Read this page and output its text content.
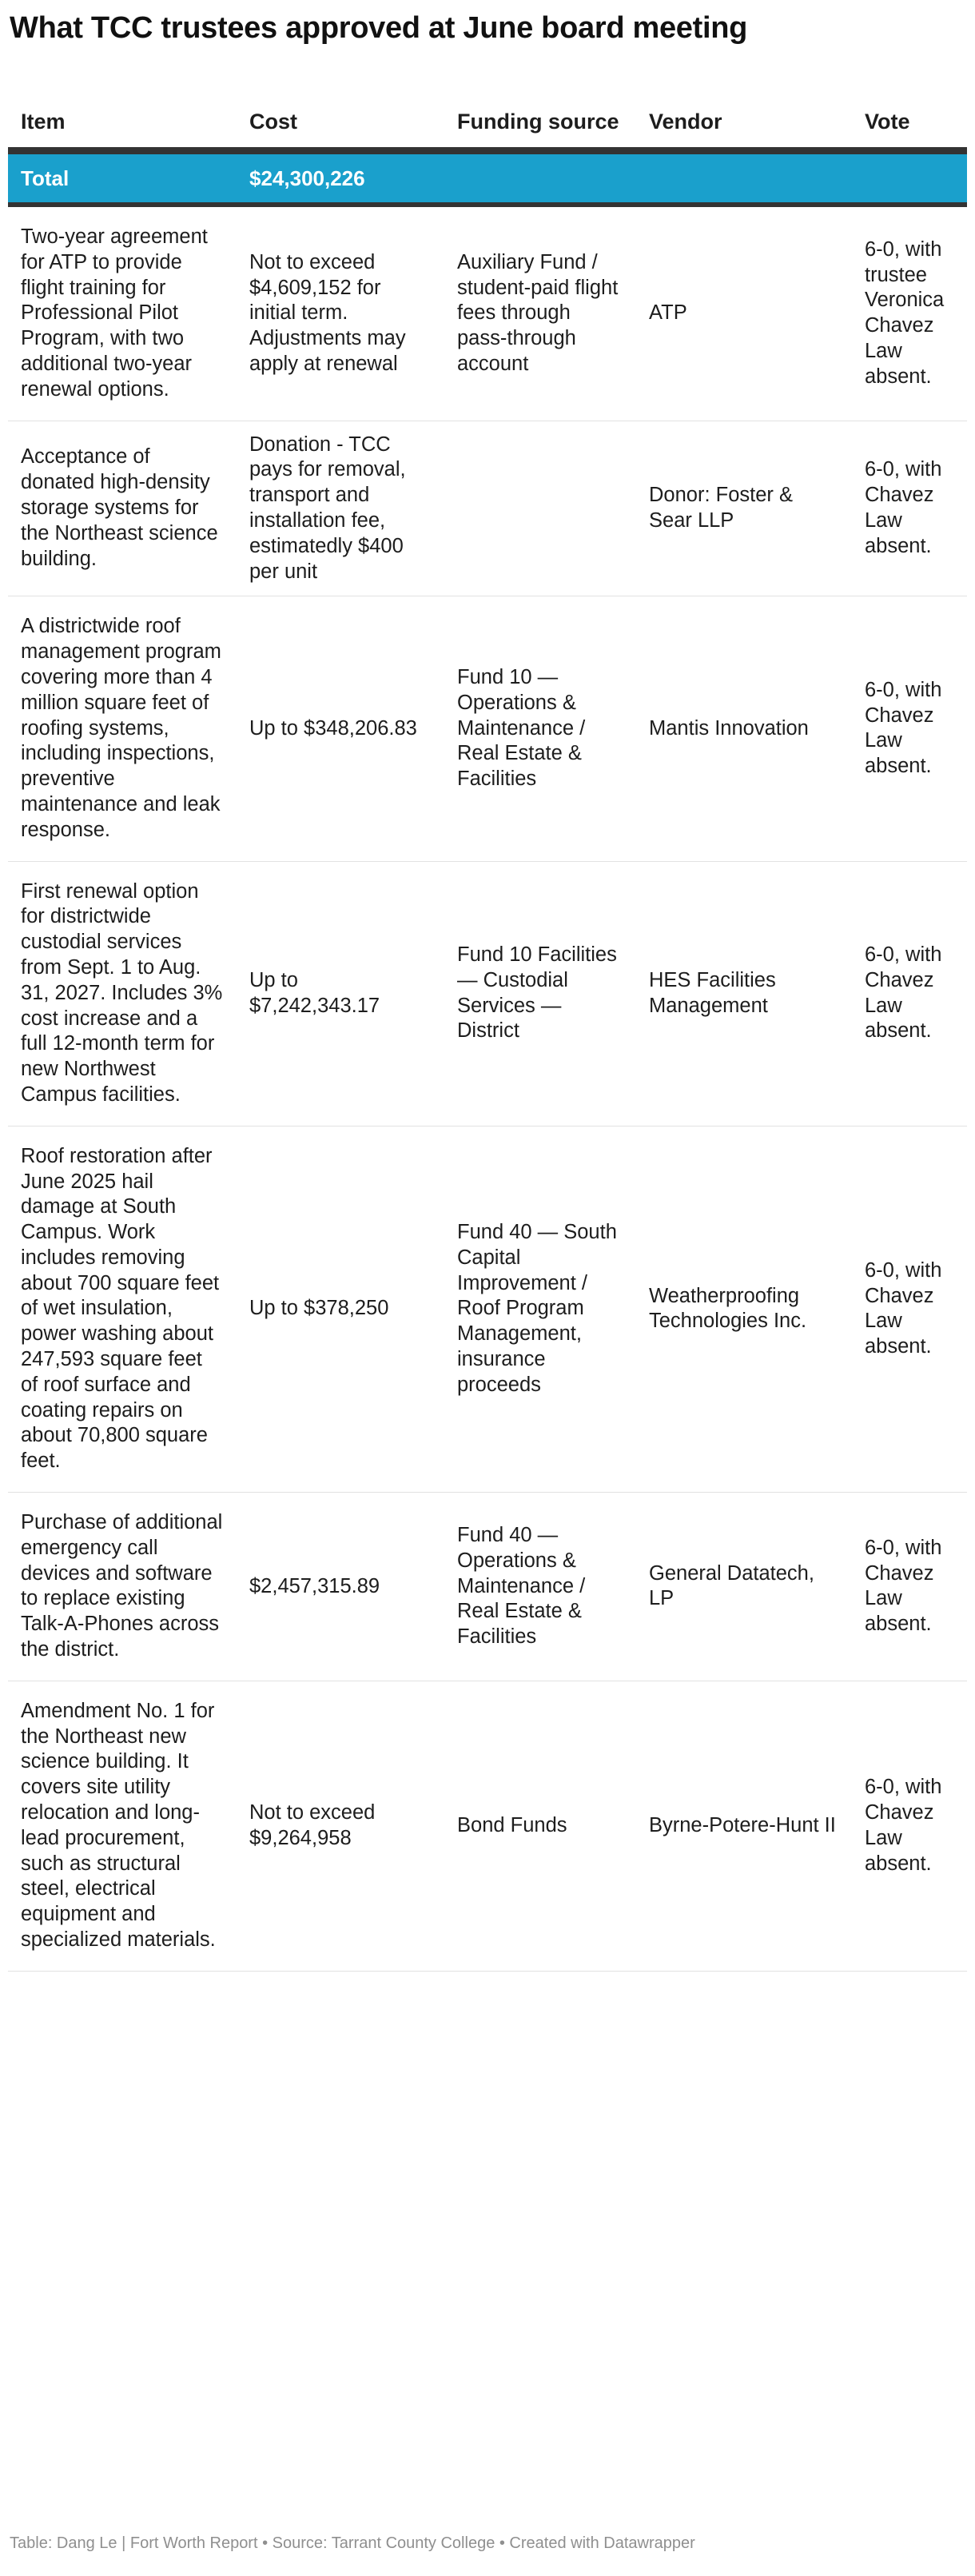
What TCC trustees approved at June board meeting
Item	Cost	Funding source	Vendor	Vote
Total	$24,300,226			
Two-year agreement for ATP to provide flight training for Professional Pilot Program, with two additional two-year renewal options.	Not to exceed $4,609,152 for initial term. Adjustments may apply at renewal	Auxiliary Fund / student-paid flight fees through pass-through account	ATP	6-0, with trustee Veronica Chavez Law absent.
Acceptance of donated high-density storage systems for the Northeast science building.	Donation - TCC pays for removal, transport and installation fee, estimatedly $400 per unit		Donor: Foster & Sear LLP	6-0, with Chavez Law absent.
A districtwide roof management program covering more than 4 million square feet of roofing systems, including inspections, preventive maintenance and leak response.	Up to $348,206.83	Fund 10 — Operations & Maintenance / Real Estate & Facilities	Mantis Innovation	6-0, with Chavez Law absent.
First renewal option for districtwide custodial services from Sept. 1 to Aug. 31, 2027. Includes 3% cost increase and a full 12-month term for new Northwest Campus facilities.	Up to $7,242,343.17	Fund 10 Facilities — Custodial Services — District	HES Facilities Management	6-0, with Chavez Law absent.
Roof restoration after June 2025 hail damage at South Campus. Work includes removing about 700 square feet of wet insulation, power washing about 247,593 square feet of roof surface and coating repairs on about 70,800 square feet.	Up to $378,250	Fund 40 — South Capital Improvement / Roof Program Management, insurance proceeds	Weatherproofing Technologies Inc.	6-0, with Chavez Law absent.
Purchase of additional emergency call devices and software to replace existing Talk-A-Phones across the district.	$2,457,315.89	Fund 40 — Operations & Maintenance / Real Estate & Facilities	General Datatech, LP	6-0, with Chavez Law absent.
Amendment No. 1 for the Northeast new science building. It covers site utility relocation and long-lead procurement, such as structural steel, electrical equipment and specialized materials.	Not to exceed $9,264,958	Bond Funds	Byrne-Potere-Hunt II	6-0, with Chavez Law absent.
Table: Dang Le | Fort Worth Report • Source: Tarrant County College • Created with Datawrapper
